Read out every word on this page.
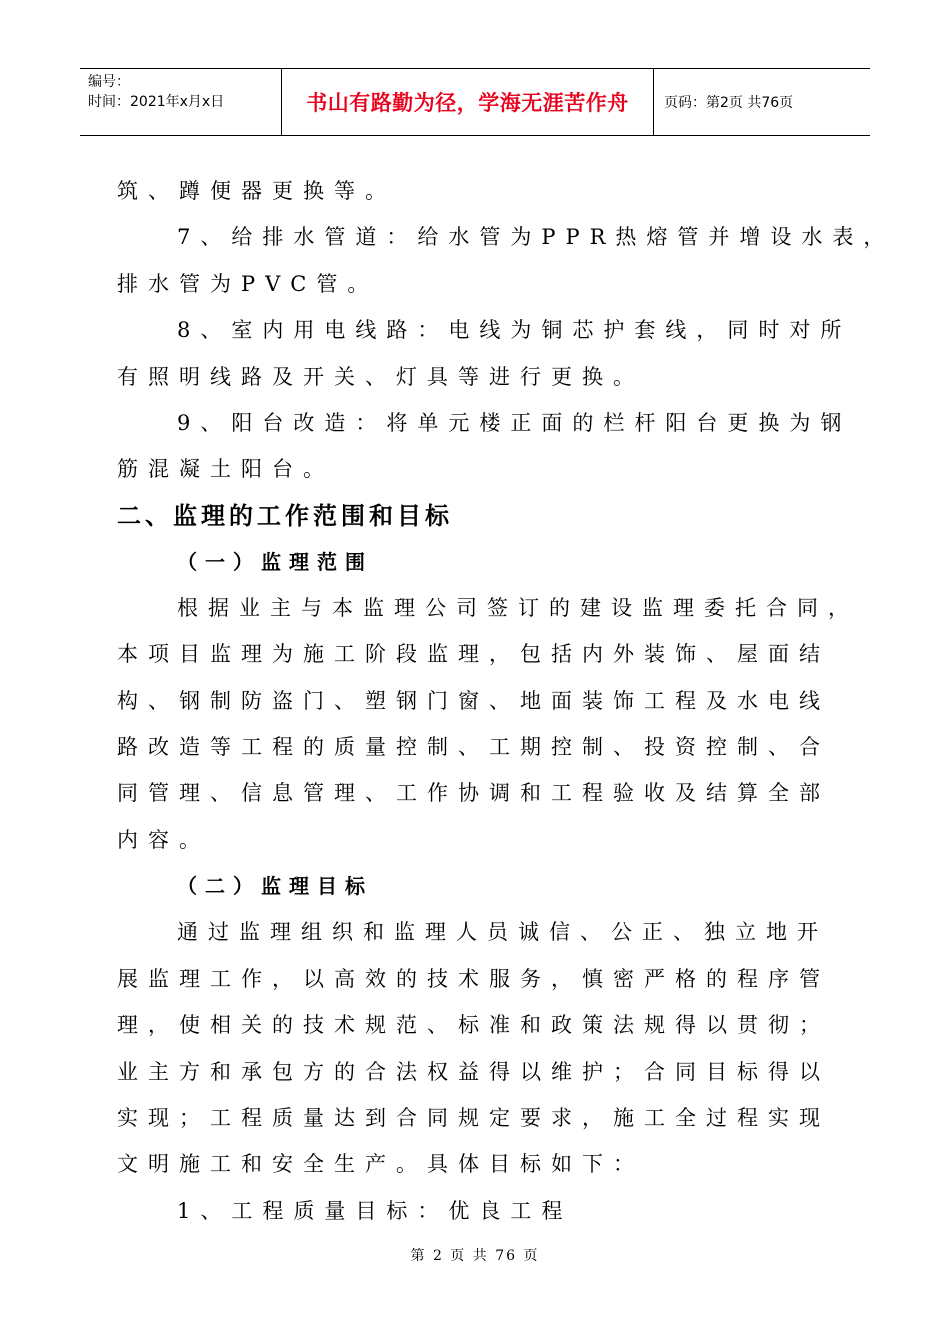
编号：
时间：2021年x月x日	书山有路勤为径，学海无涯苦作舟	页码：第2页 共76页

筑、蹲便器更换等。

7、给排水管道：给水管为PPR热熔管并增设水表，

排水管为PVC管。

8、室内用电线路：电线为铜芯护套线，同时对所

有照明线路及开关、灯具等进行更换。

9、阳台改造：将单元楼正面的栏杆阳台更换为钢

筋混凝土阳台。

二、监理的工作范围和目标

（一）监理范围

根据业主与本监理公司签订的建设监理委托合同，

本项目监理为施工阶段监理，包括内外装饰、屋面结

构、钢制防盗门、塑钢门窗、地面装饰工程及水电线

路改造等工程的质量控制、工期控制、投资控制、合

同管理、信息管理、工作协调和工程验收及结算全部

内容。

（二）监理目标

通过监理组织和监理人员诚信、公正、独立地开

展监理工作，以高效的技术服务，慎密严格的程序管

理，使相关的技术规范、标准和政策法规得以贯彻；

业主方和承包方的合法权益得以维护；合同目标得以

实现；工程质量达到合同规定要求，施工全过程实现

文明施工和安全生产。具体目标如下：

1、工程质量目标：优良工程

第 2 页 共 76 页
